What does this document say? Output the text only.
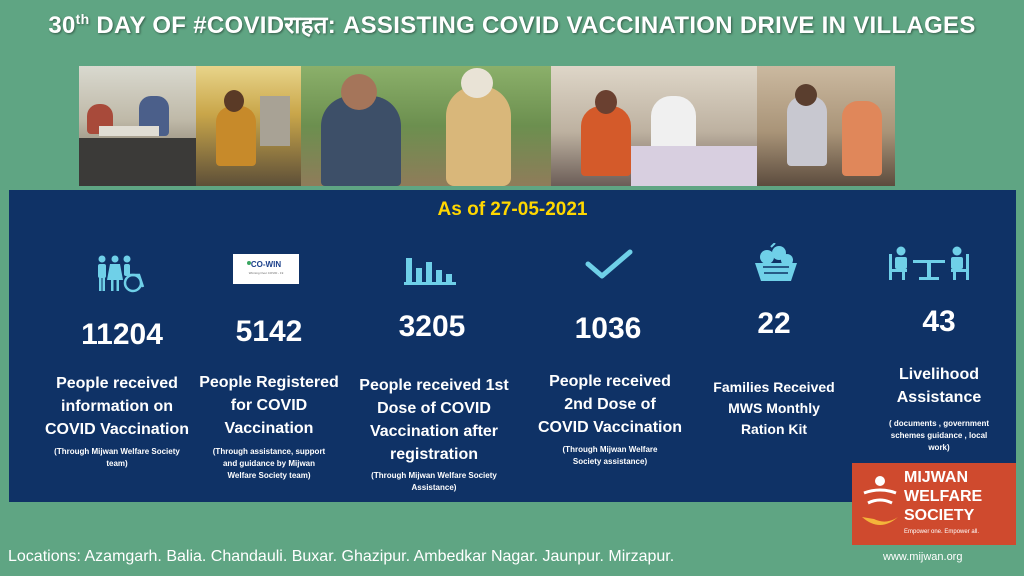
30th DAY OF #COVIDराहत: ASSISTING COVID VACCINATION DRIVE IN VILLAGES
As of 27-05-2021
11204
People received
information on
COVID Vaccination
(Through Mijwan Welfare Society
team)
CO-WIN
Winning Over COVID - 19
5142
People Registered
for COVID
Vaccination
(Through assistance, support
and guidance by Mijwan
Welfare Society team)
3205
People received 1st
Dose of COVID
Vaccination after
registration
(Through Mijwan Welfare Society
Assistance)
1036
People received
2nd Dose of
COVID Vaccination
(Through Mijwan Welfare
Society assistance)
22
Families Received
MWS Monthly
Ration Kit
43
Livelihood
Assistance
( documents , government
schemes guidance , local
work)
MIJWAN
WELFARE
SOCIETY
Empower one. Empower all.
Locations: Azamgarh. Balia. Chandauli. Buxar. Ghazipur. Ambedkar Nagar. Jaunpur. Mirzapur.	www.mijwan.org
